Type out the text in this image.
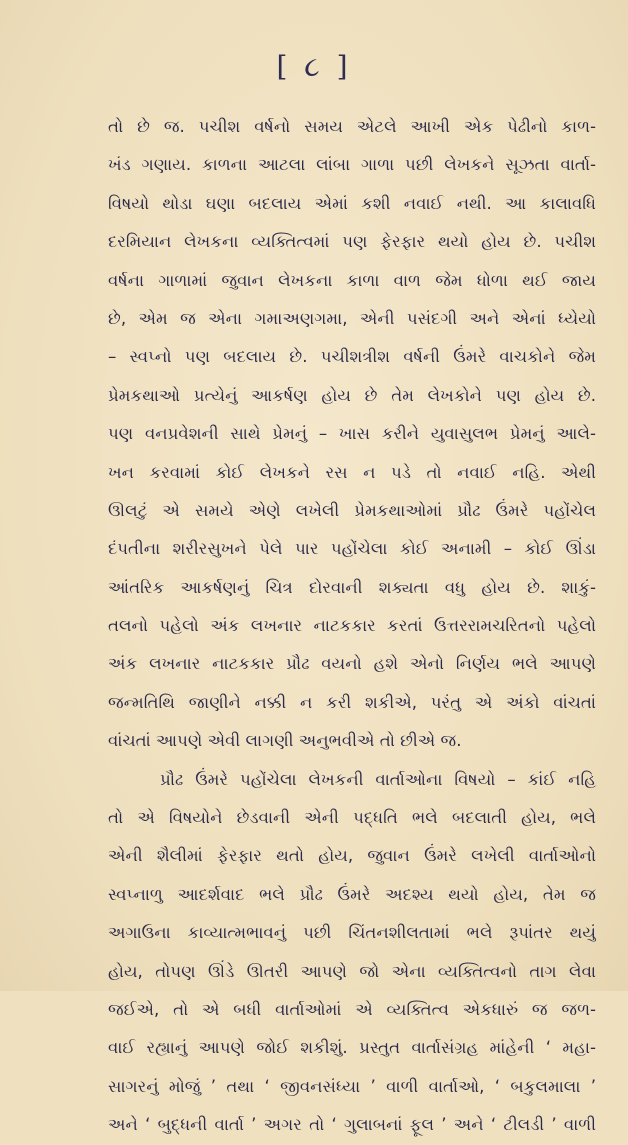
[ ૮ ]
તો છે જ. પચીશ વર્ષનો સમય એટલે આખી એક પેઢીનો કાળ-
ખંડ ગણાય. કાળના આટલા લાંબા ગાળા પછી લેખકને સૂઝતા વાર્તા-
વિષયો થોડા ઘણા બદલાય એમાં કશી નવાઈ નથી. આ કાલાવધિ
દરમિયાન લેખકના વ્યક્તિત્વમાં પણ ફેરફાર થયો હોય છે. પચીશ
વર્ષના ગાળામાં જુવાન લેખકના કાળા વાળ જેમ ધોળા થઈ જાય
છે, એમ જ એના ગમાઅણગમા, એની પસંદગી અને એનાં ધ્યેયો
– સ્વપ્નો પણ બદલાય છે. પચીશત્રીશ વર્ષની ઉંમરે વાચકોને જેમ
પ્રેમકથાઓ પ્રત્યેનું આકર્ષણ હોય છે તેમ લેખકોને પણ હોય છે.
પણ વનપ્રવેશની સાથે પ્રેમનું – ખાસ કરીને યુવાસુલભ પ્રેમનું આલે-
ખન કરવામાં કોઈ લેખકને રસ ન પડે તો નવાઈ નહિ. એથી
ઊલટું એ સમયે એણે લખેલી પ્રેમકથાઓમાં પ્રૌઢ ઉંમરે પહોંચેલ
દંપતીના શરીરસુખને પેલે પાર પહોંચેલા કોઈ અનામી – કોઈ ઊંડા
આંતરિક આકર્ષણનું ચિત્ર દોરવાની શક્યતા વધુ હોય છે. શાકું-
તલનો પહેલો અંક લખનાર નાટકકાર કરતાં ઉત્તરરામચરિતનો પહેલો
અંક લખનાર નાટકકાર પ્રૌઢ વયનો હશે એનો નિર્ણય ભલે આપણે
જન્મતિથિ જાણીને નક્કી ન કરી શકીએ, પરંતુ એ અંકો વાંચતાં
વાંચતાં આપણે એવી લાગણી અનુભવીએ તો છીએ જ.
પ્રૌઢ ઉંમરે પહોંચેલા લેખકની વાર્તાઓના વિષયો – કાંઈ નહિ
તો એ વિષયોને છેડવાની એની પદ્ધતિ ભલે બદલાતી હોય, ભલે
એની શૈલીમાં ફેરફાર થતો હોય, જુવાન ઉંમરે લખેલી વાર્તાઓનો
સ્વપ્નાળુ આદર્શવાદ ભલે પ્રૌઢ ઉંમરે અદશ્ય થયો હોય, તેમ જ
અગાઉના કાવ્યાત્મભાવનું પછી ચિંતનશીલતામાં ભલે રૂપાંતર થયું
હોય, તોપણ ઊંડે ઊતરી આપણે જો એના વ્યક્તિત્વનો તાગ લેવા
જઈએ, તો એ બધી વાર્તાઓમાં એ વ્યક્તિત્વ એકધારું જ જળ-
વાઈ રહ્યાનું આપણે જોઈ શકીશું. પ્રસ્તુત વાર્તાસંગ્રહ માંહેની ‘ મહા-
સાગરનું મોજું ’ તથા ‘ જીવનસંધ્યા ’ વાળી વાર્તાઓ, ‘ બકુલમાલા ’
અને ‘ બુદ્ધની વાર્તા ’ અગર તો ‘ ગુલાબનાં ફૂલ ’ અને ‘ ટીલડી ’ વાળી
